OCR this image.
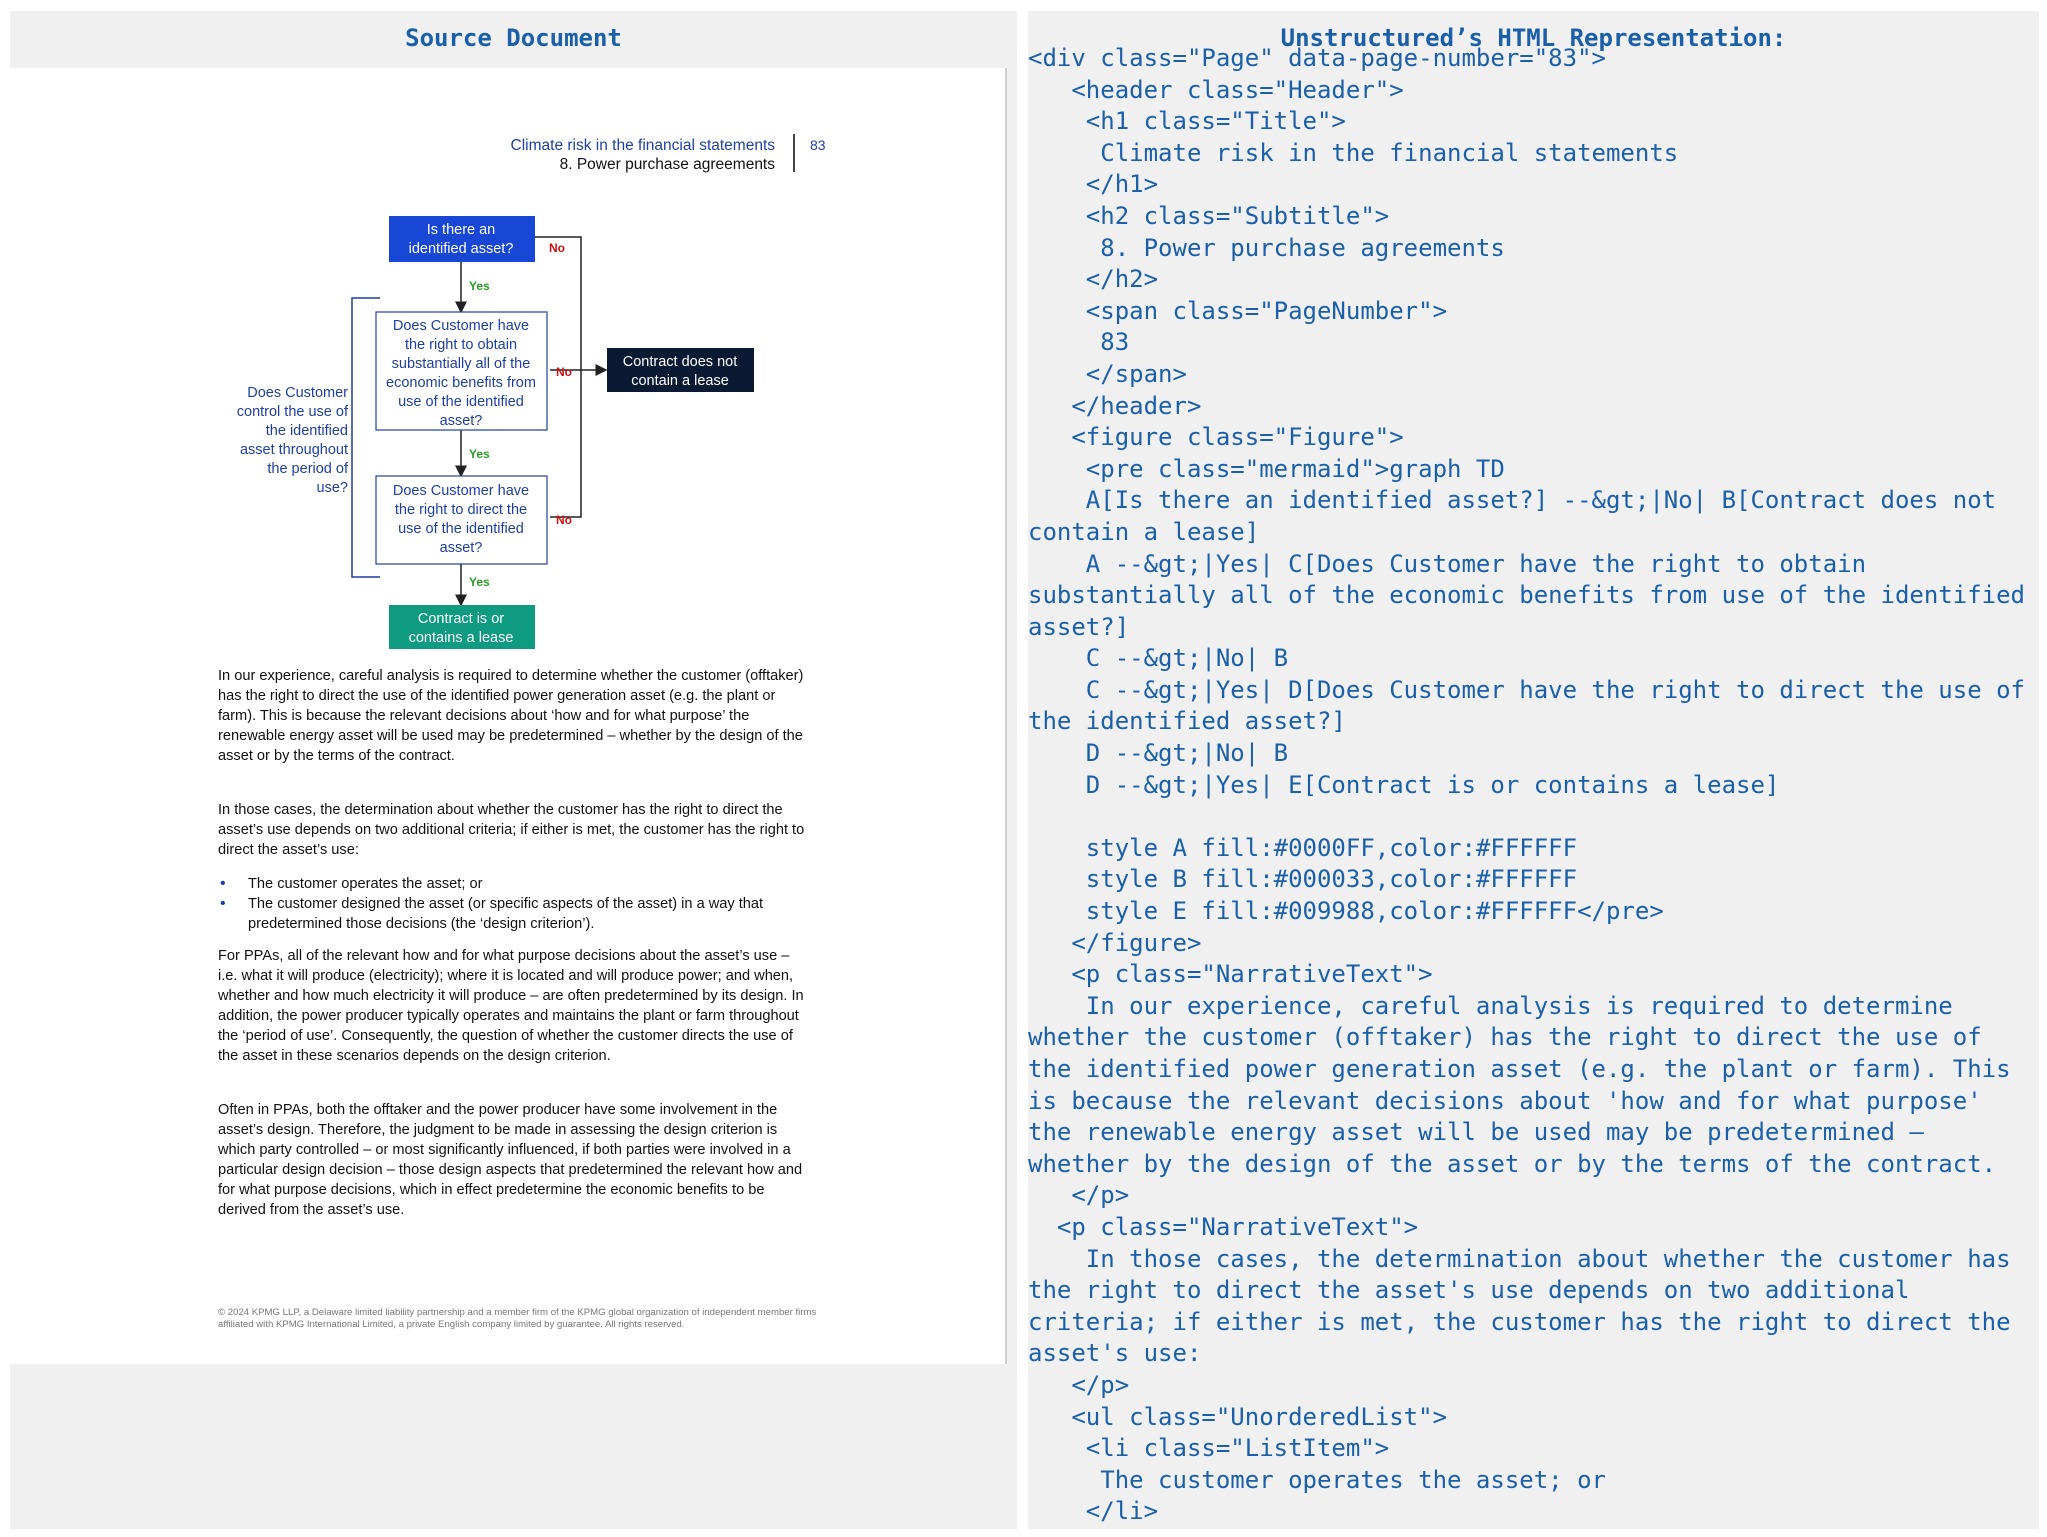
Source Document
Climate risk in the financial statements
8. Power purchase agreements
83
Is there an
identified asset?	No
Yes
Does Customer have
the right to obtain
substantially all of the
economic benefits from
use of the identified
asset?
No
Yes
Does Customer have
the right to direct the
use of the identified
asset?
No
Yes
Contract does not
contain a lease
Contract is or
contains a lease
Does Customer
control the use of
the identified
asset throughout
the period of
use?

In our experience, careful analysis is required to determine whether the customer (offtaker) has the right to direct the use of the identified power generation asset (e.g. the plant or farm). This is because the relevant decisions about ‘how and for what purpose’ the renewable energy asset will be used may be predetermined – whether by the design of the asset or by the terms of the contract.

In those cases, the determination about whether the customer has the right to direct the asset’s use depends on two additional criteria; if either is met, the customer has the right to direct the asset’s use:

• The customer operates the asset; or
• The customer designed the asset (or specific aspects of the asset) in a way that predetermined those decisions (the ‘design criterion’).

For PPAs, all of the relevant how and for what purpose decisions about the asset’s use – i.e. what it will produce (electricity); where it is located and will produce power; and when, whether and how much electricity it will produce – are often predetermined by its design. In addition, the power producer typically operates and maintains the plant or farm throughout the ‘period of use’. Consequently, the question of whether the customer directs the use of the asset in these scenarios depends on the design criterion.

Often in PPAs, both the offtaker and the power producer have some involvement in the asset’s design. Therefore, the judgment to be made in assessing the design criterion is which party controlled – or most significantly influenced, if both parties were involved in a particular design decision – those design aspects that predetermined the relevant how and for what purpose decisions, which in effect predetermine the economic benefits to be derived from the asset’s use.

© 2024 KPMG LLP, a Delaware limited liability partnership and a member firm of the KPMG global organization of independent member firms affiliated with KPMG International Limited, a private English company limited by guarantee. All rights reserved.
Unstructured’s HTML Representation:
<div class="Page" data-page-number="83">
<header class="Header">
<h1 class="Title">
Climate risk in the financial statements
</h1>
<h2 class="Subtitle">
8. Power purchase agreements
</h2>
<span class="PageNumber">
83
</span>
</header>
<figure class="Figure">
<pre class="mermaid">graph TD
A[Is there an identified asset?] --&gt;|No| B[Contract does not
contain a lease]
A --&gt;|Yes| C[Does Customer have the right to obtain
substantially all of the economic benefits from use of the identified
asset?]
C --&gt;|No| B
C --&gt;|Yes| D[Does Customer have the right to direct the use of
the identified asset?]
D --&gt;|No| B
D --&gt;|Yes| E[Contract is or contains a lease]

style A fill:#0000FF,color:#FFFFFF
style B fill:#000033,color:#FFFFFF
style E fill:#009988,color:#FFFFFF</pre>
</figure>
<p class="NarrativeText">
In our experience, careful analysis is required to determine
whether the customer (offtaker) has the right to direct the use of
the identified power generation asset (e.g. the plant or farm). This
is because the relevant decisions about 'how and for what purpose'
the renewable energy asset will be used may be predetermined –
whether by the design of the asset or by the terms of the contract.
</p>
<p class="NarrativeText">
In those cases, the determination about whether the customer has
the right to direct the asset's use depends on two additional
criteria; if either is met, the customer has the right to direct the
asset's use:
</p>
<ul class="UnorderedList">
<li class="ListItem">
The customer operates the asset; or
</li>
